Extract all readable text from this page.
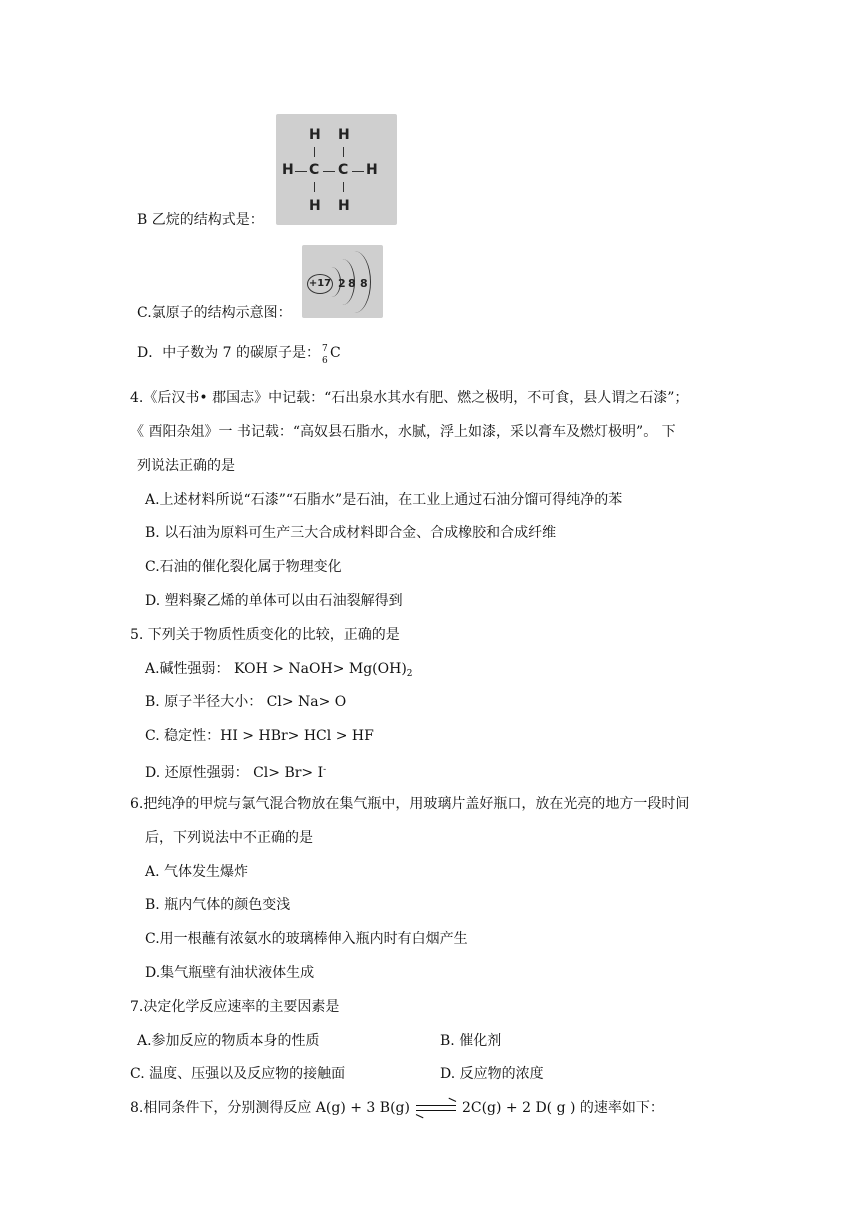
B 乙烷的结构式是：
H H
H C C H
H H
C.氯原子的结构示意图：
+17 2 8 8
D．中子数为 7 的碳原子是： 7
6 C
4.《后汉书• 郡国志》中记载：“石出泉水其水有肥、燃之极明，不可食，县人谓之石漆”；
《 酉阳杂俎》一 书记载：“高奴县石脂水，水腻，浮上如漆，采以膏车及燃灯极明”。 下
列说法正确的是
A.上述材料所说“石漆”“石脂水”是石油，在工业上通过石油分馏可得纯净的苯
B. 以石油为原料可生产三大合成材料即合金、合成橡胶和合成纤维
C.石油的催化裂化属于物理变化
D. 塑料聚乙烯的单体可以由石油裂解得到
5. 下列关于物质性质变化的比较，正确的是
A.碱性强弱： KOH > NaOH> $Mg(OH)_2$
B. 原子半径大小： Cl> Na> O
C. 稳定性：HI > HBr> HCl > HF
D. 还原性强弱： Cl> Br> I-
6.把纯净的甲烷与氯气混合物放在集气瓶中，用玻璃片盖好瓶口，放在光亮的地方一段时间
后，下列说法中不正确的是
A. 气体发生爆炸
B. 瓶内气体的颜色变浅
C.用一根蘸有浓氨水的玻璃棒伸入瓶内时有白烟产生
D.集气瓶壁有油状液体生成
7.决定化学反应速率的主要因素是
A.参加反应的物质本身的性质	B. 催化剂
C. 温度、压强以及反应物的接触面	D. 反应物的浓度
8.相同条件下，分别测得反应 A(g) + 3 B(g) ⇌ 2C(g) + 2 D( g ) 的速率如下：
